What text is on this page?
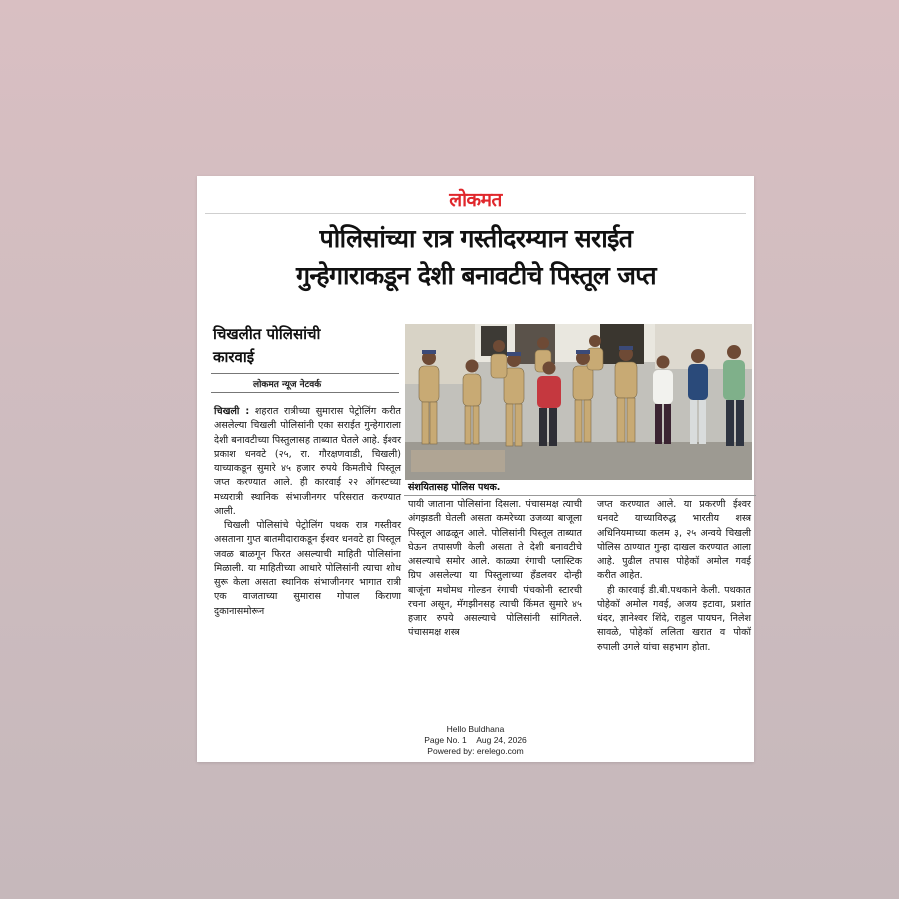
लोकमत
पोलिसांच्या रात्र गस्तीदरम्यान सराईत
गुन्हेगाराकडून देशी बनावटीचे पिस्तूल जप्त
चिखलीत पोलिसांची
कारवाई
लोकमत न्यूज नेटवर्क
संशयितासह पोलिस पथक.

चिखली : शहरात रात्रीच्या सुमारास पेट्रोलिंग करीत असलेल्या चिखली पोलिसांनी एका सराईत गुन्हेगाराला देशी बनावटीच्या पिस्तुलासह ताब्यात घेतले आहे. ईश्वर प्रकाश धनवटे (२५, रा. गौरक्षणवाडी, चिखली) याच्याकडून सुमारे ४५ हजार रुपये किमतीचे पिस्तूल जप्त करण्यात आले. ही कारवाई २२ ऑगस्टच्या मध्यरात्री स्थानिक संभाजीनगर परिसरात करण्यात आली.

चिखली पोलिसांचे पेट्रोलिंग पथक रात्र गस्तीवर असताना गुप्त बातमीदाराकडून ईश्वर धनवटे हा पिस्तूल जवळ बाळगून फिरत असल्याची माहिती पोलिसांना मिळाली. या माहितीच्या आधारे पोलिसांनी त्याचा शोध सुरू केला असता स्थानिक संभाजीनगर भागात रात्री एक वाजताच्या सुमारास गोपाल किराणा दुकानासमोरून

पायी जाताना पोलिसांना दिसला. पंचासमक्ष त्याची अंगझडती घेतली असता कमरेच्या उजव्या बाजूला पिस्तूल आढळून आले. पोलिसांनी पिस्तूल ताब्यात घेऊन तपासणी केली असता ते देशी बनावटीचे असल्याचे समोर आले. काळ्या रंगाची प्लास्टिक ग्रिप असलेल्या या पिस्तुलाच्या हँडलवर दोन्ही बाजूंना मधोमध गोल्डन रंगाची पंचकोनी स्टारची रचना असून, मॅगझीनसह त्याची किंमत सुमारे ४५ हजार रुपये असल्याचे पोलिसांनी सांगितले. पंचासमक्ष शस्त्र

जप्त करण्यात आले. या प्रकरणी ईश्वर धनवटे याच्याविरुद्ध भारतीय शस्त्र अधिनियमाच्या कलम ३, २५ अन्वये चिखली पोलिस ठाण्यात गुन्हा दाखल करण्यात आला आहे. पुढील तपास पोहेकॉ अमोल गवई करीत आहेत.

ही कारवाई डी.बी.पथकाने केली. पथकात पोहेकॉ अमोल गवई, अजय इटावा, प्रशांत धंदर, ज्ञानेश्वर शिंदे, राहुल पायघन, निलेश सावळे, पोहेकॉ ललिता खरात व पोकॉ रुपाली उगले यांचा सहभाग होता.

Hello Buldhana
Page No. 1 Aug 24, 2026
Powered by: erelego.com
